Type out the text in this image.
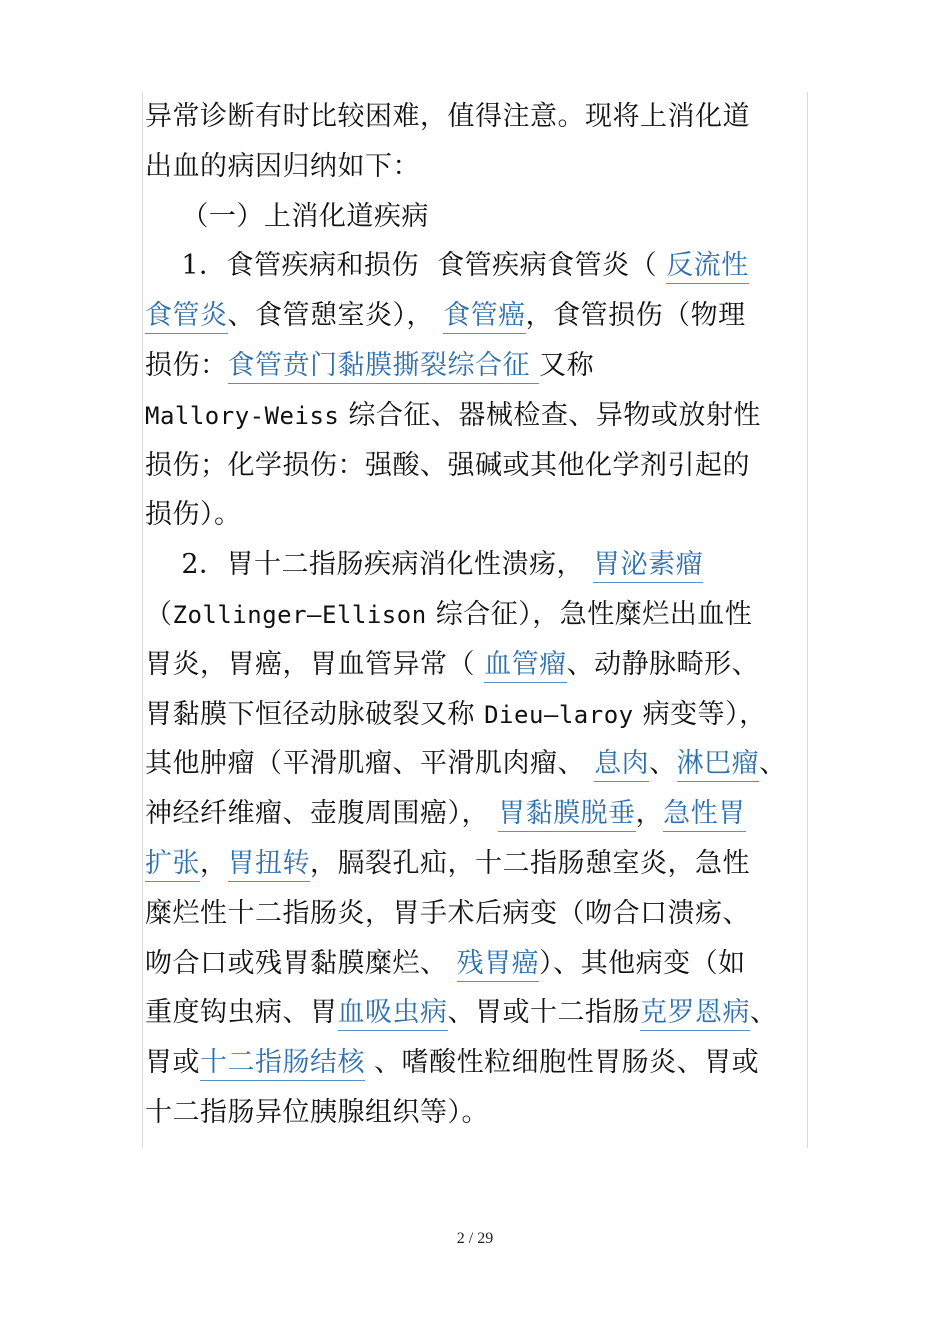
异常诊断有时比较困难，值得注意。现将上消化道
出血的病因归纳如下：
（一）上消化道疾病
1．食管疾病和损伤  食管疾病食管炎（ 反流性
食管炎、食管憩室炎）， 食管癌，食管损伤（物理
损伤：食管贲门黏膜撕裂综合征 又称
Mallory-Weiss 综合征、器械检查、异物或放射性
损伤；化学损伤：强酸、强碱或其他化学剂引起的
损伤）。
2．胃十二指肠疾病消化性溃疡， 胃泌素瘤
（Zollinger—Ellison 综合征），急性糜烂出血性
胃炎，胃癌，胃血管异常（ 血管瘤、动静脉畸形、
胃黏膜下恒径动脉破裂又称 Dieu—laroy 病变等），
其他肿瘤（平滑肌瘤、平滑肌肉瘤、 息肉、淋巴瘤、
神经纤维瘤、壶腹周围癌）， 胃黏膜脱垂，急性胃
扩张，胃扭转，膈裂孔疝，十二指肠憩室炎，急性
糜烂性十二指肠炎，胃手术后病变（吻合口溃疡、
吻合口或残胃黏膜糜烂、 残胃癌）、其他病变（如
重度钩虫病、胃血吸虫病、胃或十二指肠克罗恩病、
胃或十二指肠结核 、嗜酸性粒细胞性胃肠炎、胃或
十二指肠异位胰腺组织等）。
2 / 29
